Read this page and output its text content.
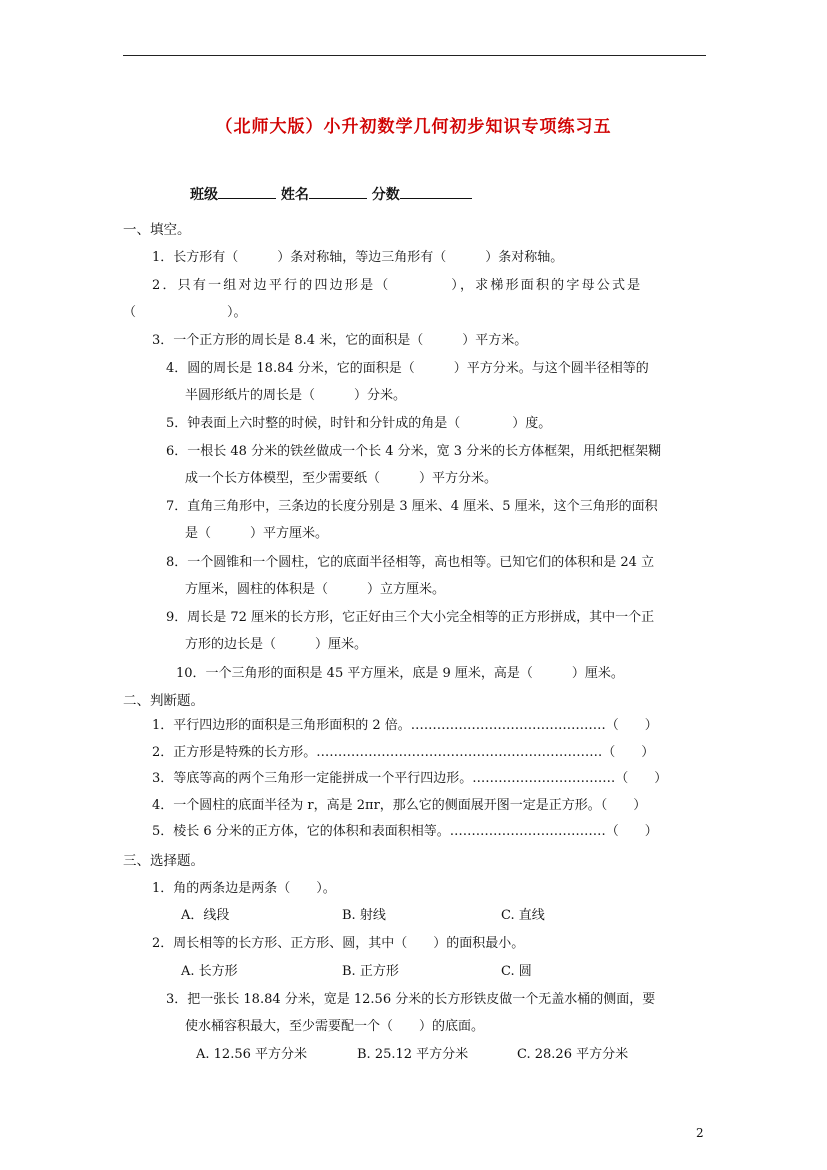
（北师大版）小升初数学几何初步知识专项练习五
班级	姓名	分数
一、填空。
1．长方形有（　　　）条对称轴，等边三角形有（　　　）条对称轴。
2．只有一组对边平行的四边形是（　　　　），求梯形面积的字母公式是
（　　　　　　　）。
3．一个正方形的周长是 8.4 米，它的面积是（　　　）平方米。
4．圆的周长是 18.84 分米，它的面积是（　　　）平方分米。与这个圆半径相等的
半圆形纸片的周长是（　　　）分米。
5．钟表面上六时整的时候，时针和分针成的角是（　　　　）度。
6．一根长 48 分米的铁丝做成一个长 4 分米，宽 3 分米的长方体框架，用纸把框架糊
成一个长方体模型，至少需要纸（　　　）平方分米。
7．直角三角形中，三条边的长度分别是 3 厘米、4 厘米、5 厘米，这个三角形的面积
是（　　　）平方厘米。
8．一个圆锥和一个圆柱，它的底面半径相等，高也相等。已知它们的体积和是 24 立
方厘米，圆柱的体积是（　　　）立方厘米。
9．周长是 72 厘米的长方形，它正好由三个大小完全相等的正方形拼成，其中一个正
方形的边长是（　　　）厘米。
10．一个三角形的面积是 45 平方厘米，底是 9 厘米，高是（　　　）厘米。
二、判断题。
1．平行四边形的面积是三角形面积的 2 倍。………………………………………（　　）
2．正方形是特殊的长方形。…………………………………………………………（　　）
3．等底等高的两个三角形一定能拼成一个平行四边形。……………………………（　　）
4．一个圆柱的底面半径为 r，高是 2πr，那么它的侧面展开图一定是正方形。（　　）
5．棱长 6 分米的正方体，它的体积和表面积相等。………………………………（　　）
三、选择题。
1．角的两条边是两条（　　）。
A．线段	B. 射线	C. 直线
2．周长相等的长方形、正方形、圆，其中（　　）的面积最小。
A. 长方形	B. 正方形	C. 圆
3．把一张长 18.84 分米，宽是 12.56 分米的长方形铁皮做一个无盖水桶的侧面，要
使水桶容积最大，至少需要配一个（　　）的底面。
A. 12.56 平方分米	B. 25.12 平方分米	C. 28.26 平方分米
2
